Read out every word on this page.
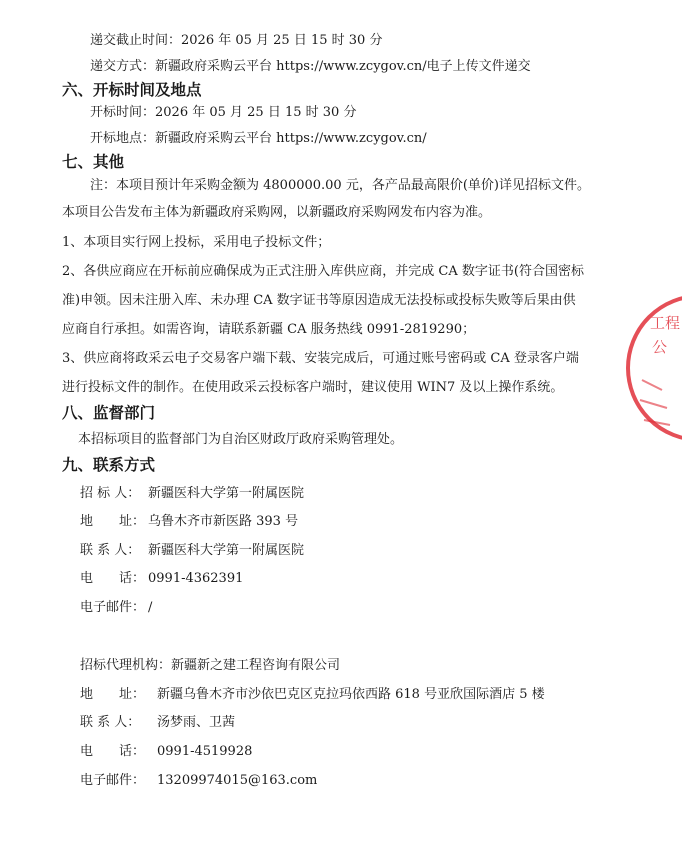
递交截止时间：2026 年 05 月 25 日 15 时 30 分
递交方式：新疆政府采购云平台 https://www.zcygov.cn/电子上传文件递交
六、开标时间及地点
开标时间：2026 年 05 月 25 日 15 时 30 分
开标地点：新疆政府采购云平台 https://www.zcygov.cn/
七、其他
注：本项目预计年采购金额为 4800000.00 元，各产品最高限价(单价)详见招标文件。
本项目公告发布主体为新疆政府采购网，以新疆政府采购网发布内容为准。
1、本项目实行网上投标，采用电子投标文件；
2、各供应商应在开标前应确保成为正式注册入库供应商，并完成 CA 数字证书(符合国密标
准)申领。因未注册入库、未办理 CA 数字证书等原因造成无法投标或投标失败等后果由供
应商自行承担。如需咨询，请联系新疆 CA 服务热线 0991-2819290；
3、供应商将政采云电子交易客户端下载、安装完成后，可通过账号密码或 CA 登录客户端
进行投标文件的制作。在使用政采云投标客户端时，建议使用 WIN7 及以上操作系统。
八、监督部门
本招标项目的监督部门为自治区财政厅政府采购管理处。
九、联系方式
招 标 人： 新疆医科大学第一附属医院
地　　址： 乌鲁木齐市新医路 393 号
联 系 人： 新疆医科大学第一附属医院
电　　话： 0991-4362391
电子邮件： /
招标代理机构：新疆新之建工程咨询有限公司
地　　址： 新疆乌鲁木齐市沙依巴克区克拉玛依西路 618 号亚欣国际酒店 5 楼
联 系 人： 汤梦雨、卫茜
电　　话： 0991-4519928
电子邮件： 13209974015@163.com
工程
公
